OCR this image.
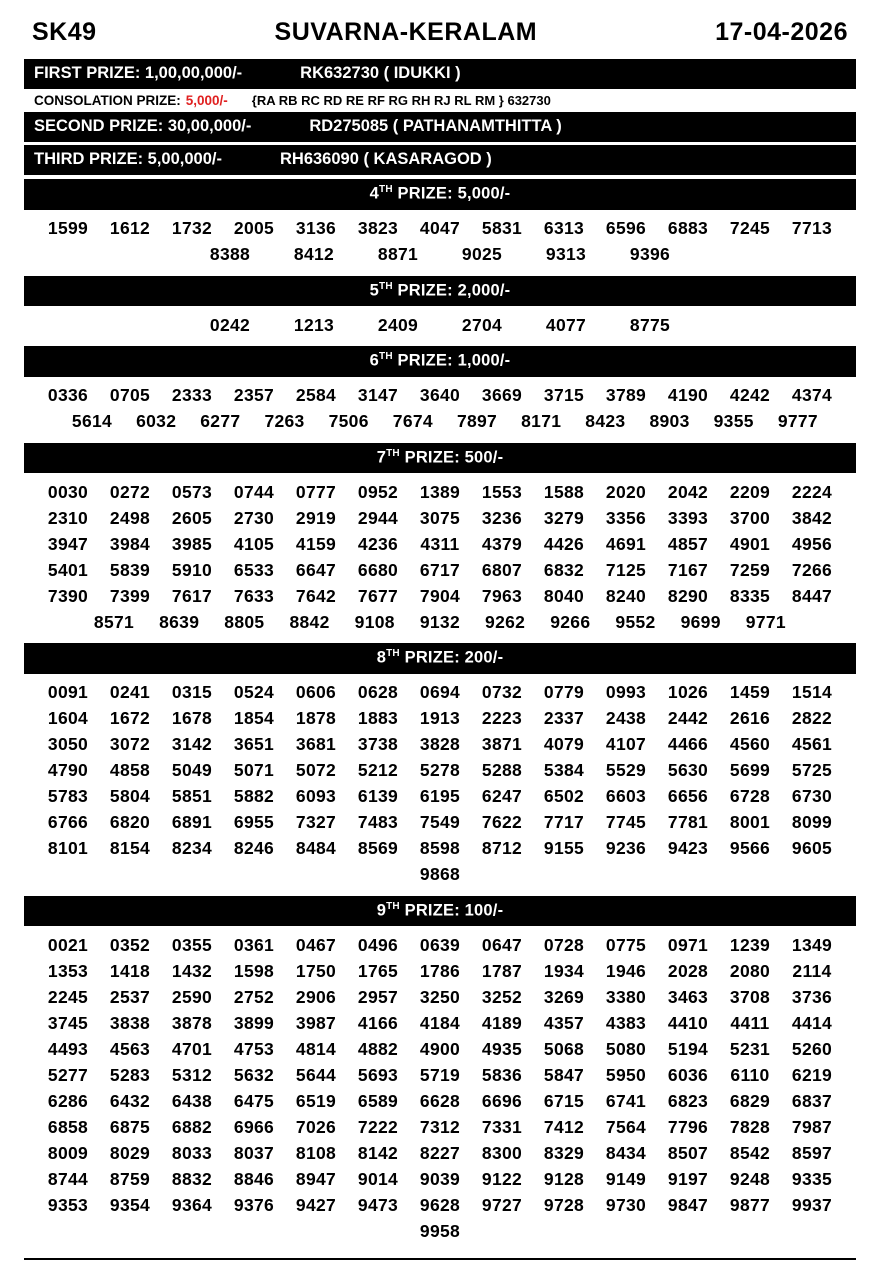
SK49	SUVARNA-KERALAM	17-04-2026
FIRST PRIZE: 1,00,00,000/-	RK632730 ( IDUKKI )
CONSOLATION PRIZE: 5,000/-	{RA RB RC RD RE RF RG RH RJ RL RM } 632730
SECOND PRIZE: 30,00,000/-	RD275085 ( PATHANAMTHITTA )
THIRD PRIZE: 5,00,000/-	RH636090 ( KASARAGOD )
4TH PRIZE: 5,000/-
1599	1612	1732	2005	3136	3823	4047	5831	6313	6596	6883	7245	7713
8388	8412	8871	9025	9313	9396
5TH PRIZE: 2,000/-
0242	1213	2409	2704	4077	8775
6TH PRIZE: 1,000/-
0336	0705	2333	2357	2584	3147	3640	3669	3715	3789	4190	4242	4374
5614	6032	6277	7263	7506	7674	7897	8171	8423	8903	9355	9777
7TH PRIZE: 500/-
0030	0272	0573	0744	0777	0952	1389	1553	1588	2020	2042	2209	2224
2310	2498	2605	2730	2919	2944	3075	3236	3279	3356	3393	3700	3842
3947	3984	3985	4105	4159	4236	4311	4379	4426	4691	4857	4901	4956
5401	5839	5910	6533	6647	6680	6717	6807	6832	7125	7167	7259	7266
7390	7399	7617	7633	7642	7677	7904	7963	8040	8240	8290	8335	8447
8571	8639	8805	8842	9108	9132	9262	9266	9552	9699	9771
8TH PRIZE: 200/-
0091	0241	0315	0524	0606	0628	0694	0732	0779	0993	1026	1459	1514
1604	1672	1678	1854	1878	1883	1913	2223	2337	2438	2442	2616	2822
3050	3072	3142	3651	3681	3738	3828	3871	4079	4107	4466	4560	4561
4790	4858	5049	5071	5072	5212	5278	5288	5384	5529	5630	5699	5725
5783	5804	5851	5882	6093	6139	6195	6247	6502	6603	6656	6728	6730
6766	6820	6891	6955	7327	7483	7549	7622	7717	7745	7781	8001	8099
8101	8154	8234	8246	8484	8569	8598	8712	9155	9236	9423	9566	9605
9868
9TH PRIZE: 100/-
0021	0352	0355	0361	0467	0496	0639	0647	0728	0775	0971	1239	1349
1353	1418	1432	1598	1750	1765	1786	1787	1934	1946	2028	2080	2114
2245	2537	2590	2752	2906	2957	3250	3252	3269	3380	3463	3708	3736
3745	3838	3878	3899	3987	4166	4184	4189	4357	4383	4410	4411	4414
4493	4563	4701	4753	4814	4882	4900	4935	5068	5080	5194	5231	5260
5277	5283	5312	5632	5644	5693	5719	5836	5847	5950	6036	6110	6219
6286	6432	6438	6475	6519	6589	6628	6696	6715	6741	6823	6829	6837
6858	6875	6882	6966	7026	7222	7312	7331	7412	7564	7796	7828	7987
8009	8029	8033	8037	8108	8142	8227	8300	8329	8434	8507	8542	8597
8744	8759	8832	8846	8947	9014	9039	9122	9128	9149	9197	9248	9335
9353	9354	9364	9376	9427	9473	9628	9727	9728	9730	9847	9877	9937
9958
